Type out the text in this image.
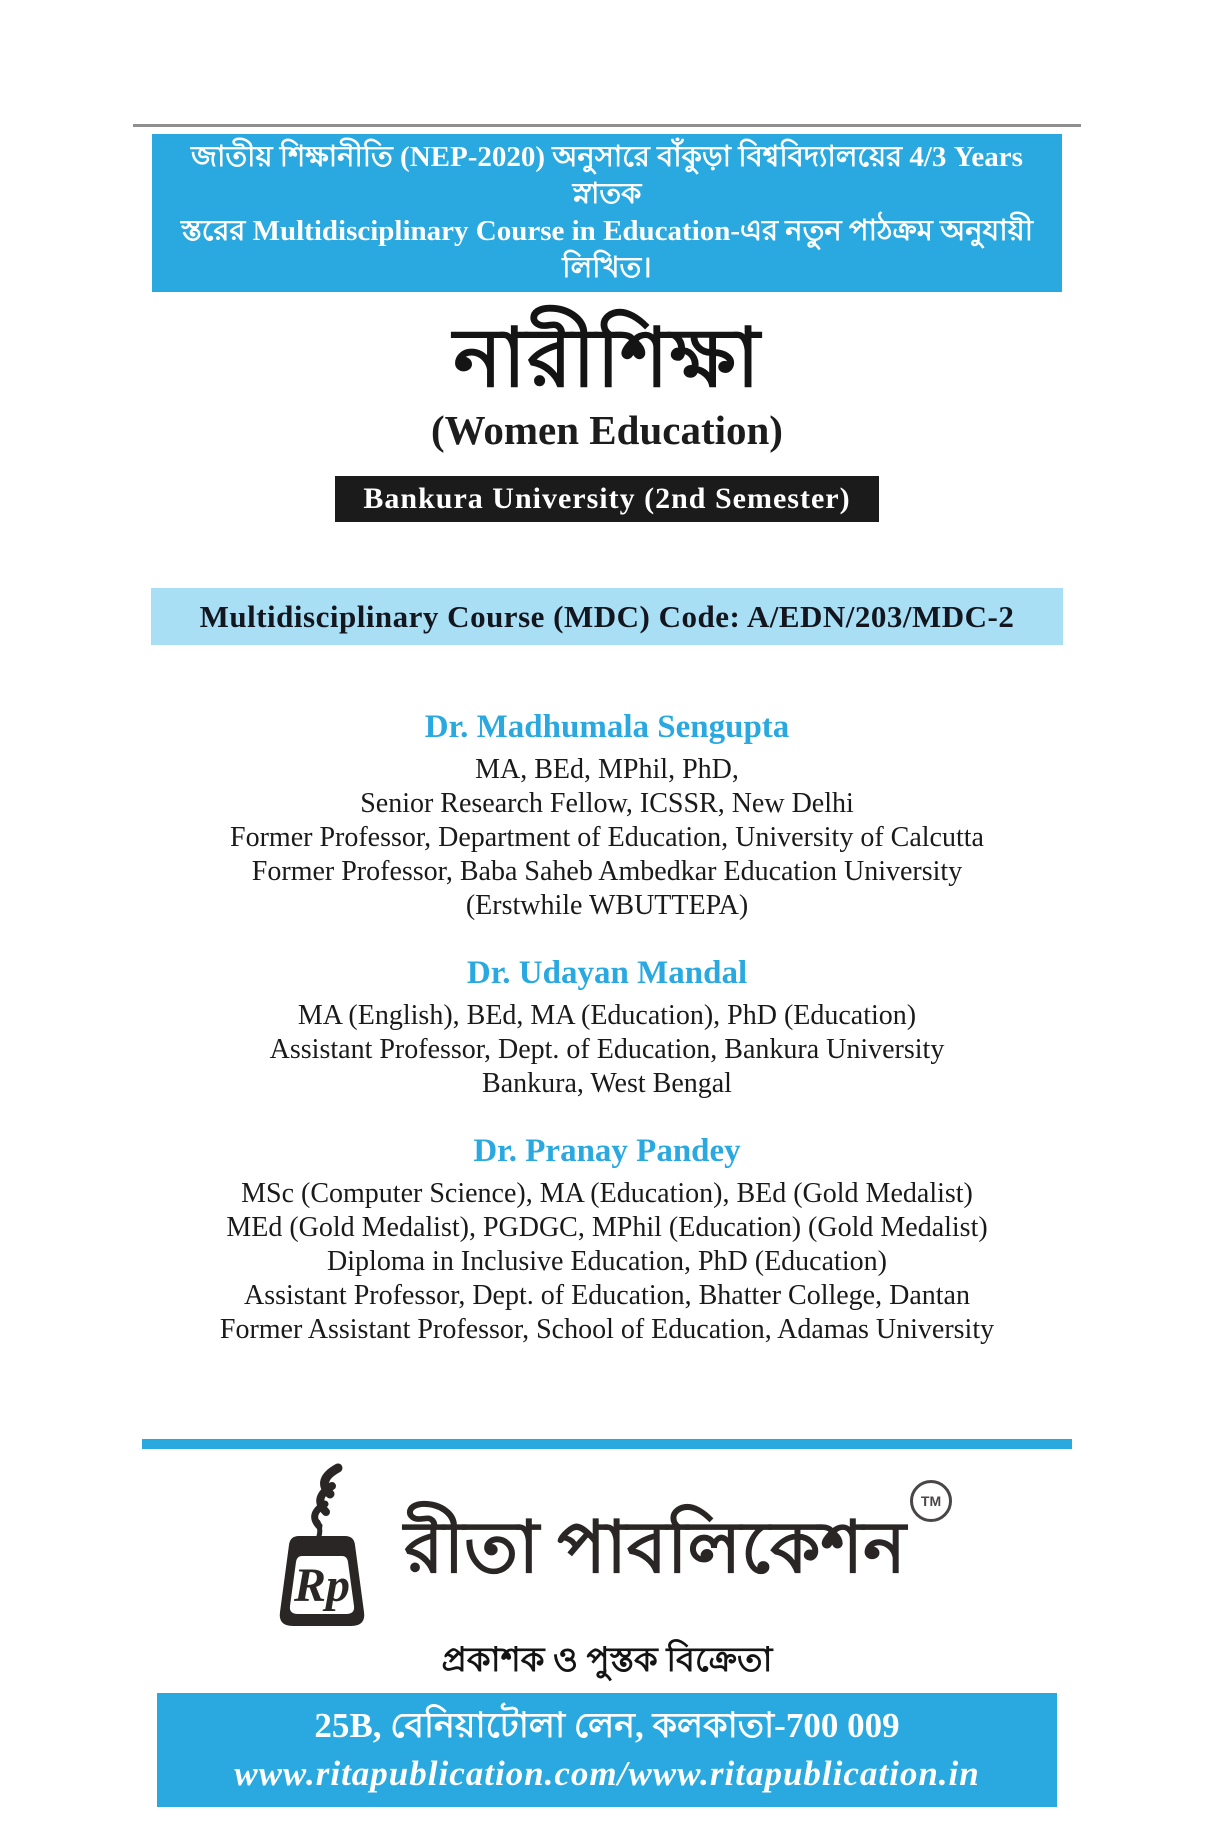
জাতীয় শিক্ষানীতি (NEP-2020) অনুসারে বাঁকুড়া বিশ্ববিদ্যালয়ের 4/3 Years স্নাতক
স্তরের Multidisciplinary Course in Education-এর নতুন পাঠক্রম অনুযায়ী লিখিত।
নারীশিক্ষা
(Women Education)
Bankura University (2nd Semester)
Multidisciplinary Course (MDC) Code: A/EDN/203/MDC-2
Dr. Madhumala Sengupta
MA, BEd, MPhil, PhD,
Senior Research Fellow, ICSSR, New Delhi
Former Professor, Department of Education, University of Calcutta
Former Professor, Baba Saheb Ambedkar Education University
(Erstwhile WBUTTEPA)
Dr. Udayan Mandal
MA (English), BEd, MA (Education), PhD (Education)
Assistant Professor, Dept. of Education, Bankura University
Bankura, West Bengal
Dr. Pranay Pandey
MSc (Computer Science), MA (Education), BEd (Gold Medalist)
MEd (Gold Medalist), PGDGC, MPhil (Education) (Gold Medalist)
Diploma in Inclusive Education, PhD (Education)
Assistant Professor, Dept. of Education, Bhatter College, Dantan
Former Assistant Professor, School of Education, Adamas University
Rp রীতা পাবলিকেশনTM
প্রকাশক ও পুস্তক বিক্রেতা
25B, বেনিয়াটোলা লেন, কলকাতা-700 009
www.ritapublication.com/www.ritapublication.in
